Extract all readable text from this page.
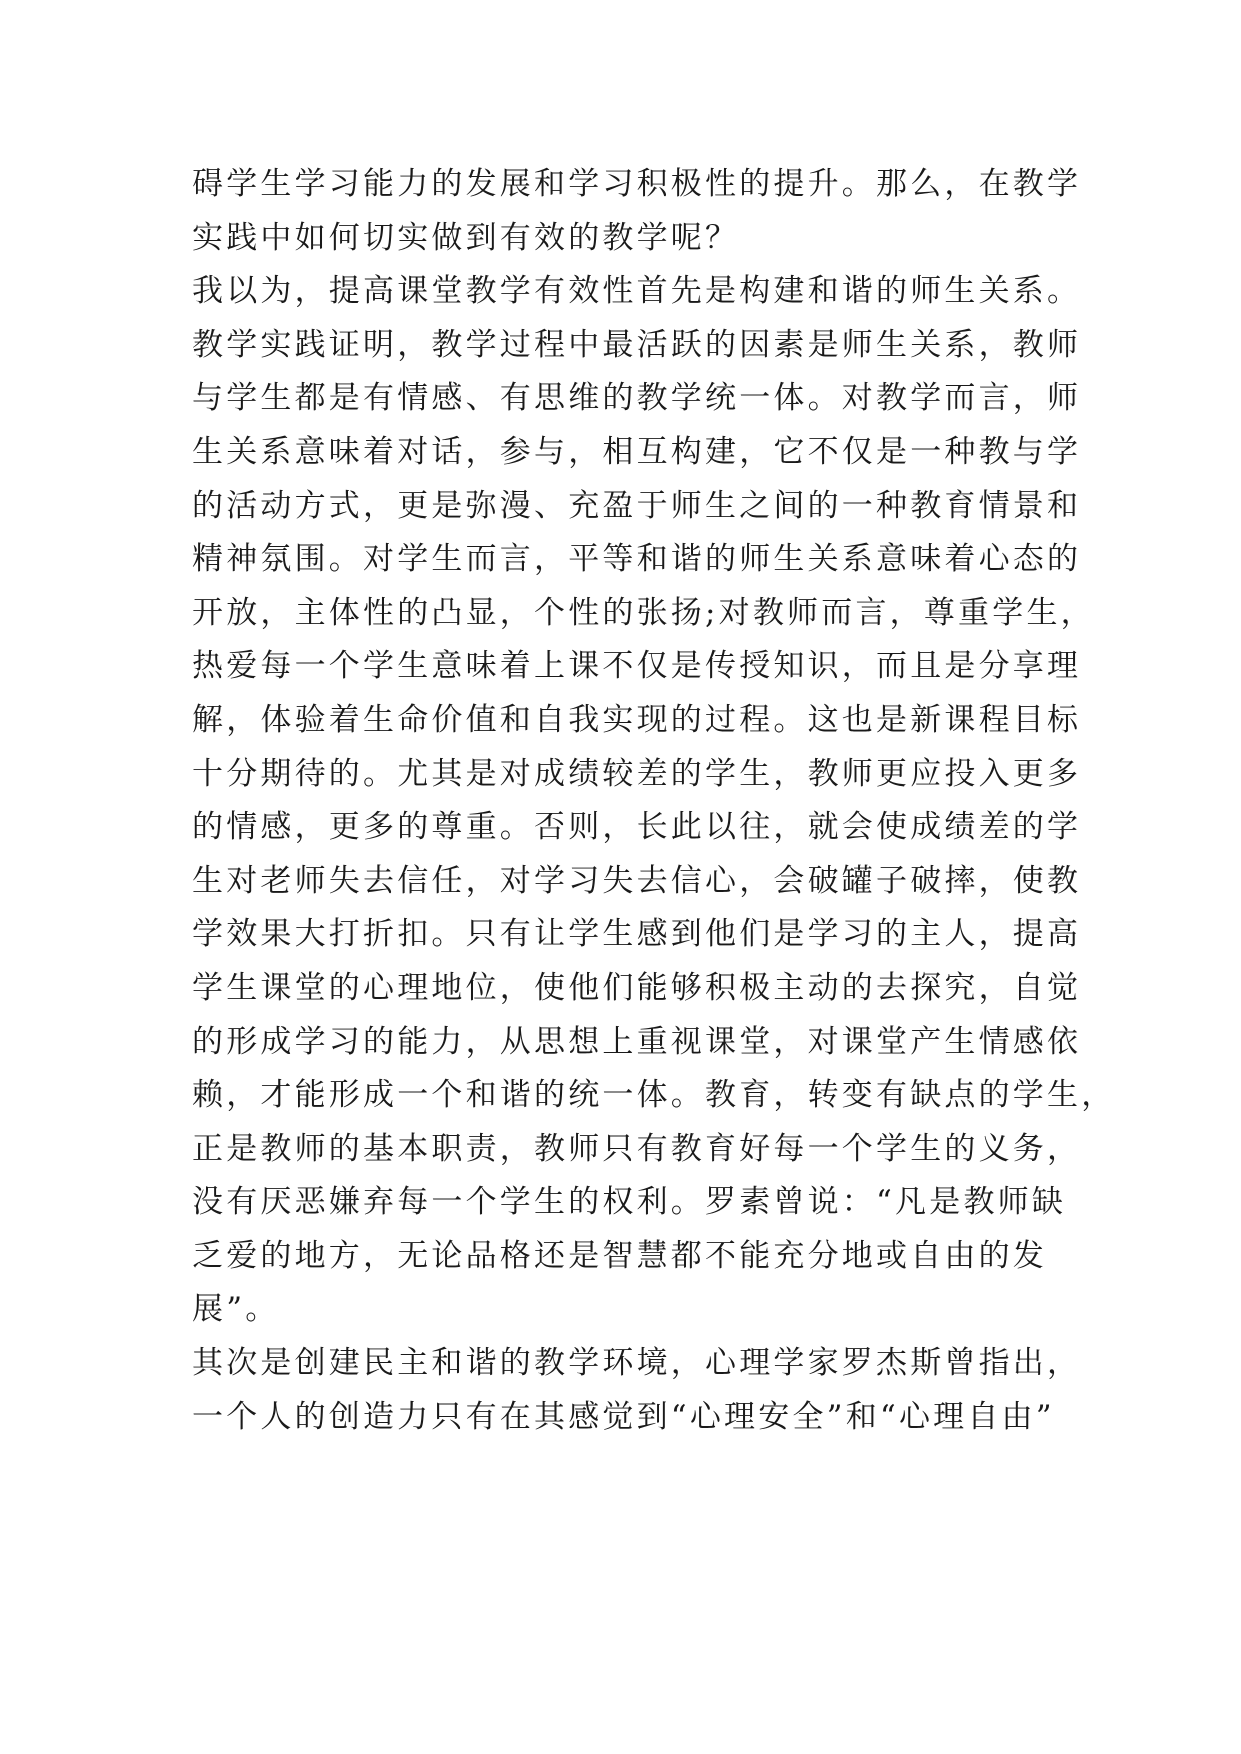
碍学生学习能力的发展和学习积极性的提升。那么，在教学
实践中如何切实做到有效的教学呢？
我以为，提高课堂教学有效性首先是构建和谐的师生关系。
教学实践证明，教学过程中最活跃的因素是师生关系，教师
与学生都是有情感、有思维的教学统一体。对教学而言，师
生关系意味着对话，参与，相互构建，它不仅是一种教与学
的活动方式，更是弥漫、充盈于师生之间的一种教育情景和
精神氛围。对学生而言，平等和谐的师生关系意味着心态的
开放，主体性的凸显，个性的张扬;对教师而言，尊重学生，
热爱每一个学生意味着上课不仅是传授知识，而且是分享理
解，体验着生命价值和自我实现的过程。这也是新课程目标
十分期待的。尤其是对成绩较差的学生，教师更应投入更多
的情感，更多的尊重。否则，长此以往，就会使成绩差的学
生对老师失去信任，对学习失去信心，会破罐子破摔，使教
学效果大打折扣。只有让学生感到他们是学习的主人，提高
学生课堂的心理地位，使他们能够积极主动的去探究，自觉
的形成学习的能力，从思想上重视课堂，对课堂产生情感依
赖，才能形成一个和谐的统一体。教育，转变有缺点的学生，
正是教师的基本职责，教师只有教育好每一个学生的义务，
没有厌恶嫌弃每一个学生的权利。罗素曾说：“凡是教师缺
乏爱的地方，无论品格还是智慧都不能充分地或自由的发
展”。
其次是创建民主和谐的教学环境，心理学家罗杰斯曾指出，
一个人的创造力只有在其感觉到“心理安全”和“心理自由”
